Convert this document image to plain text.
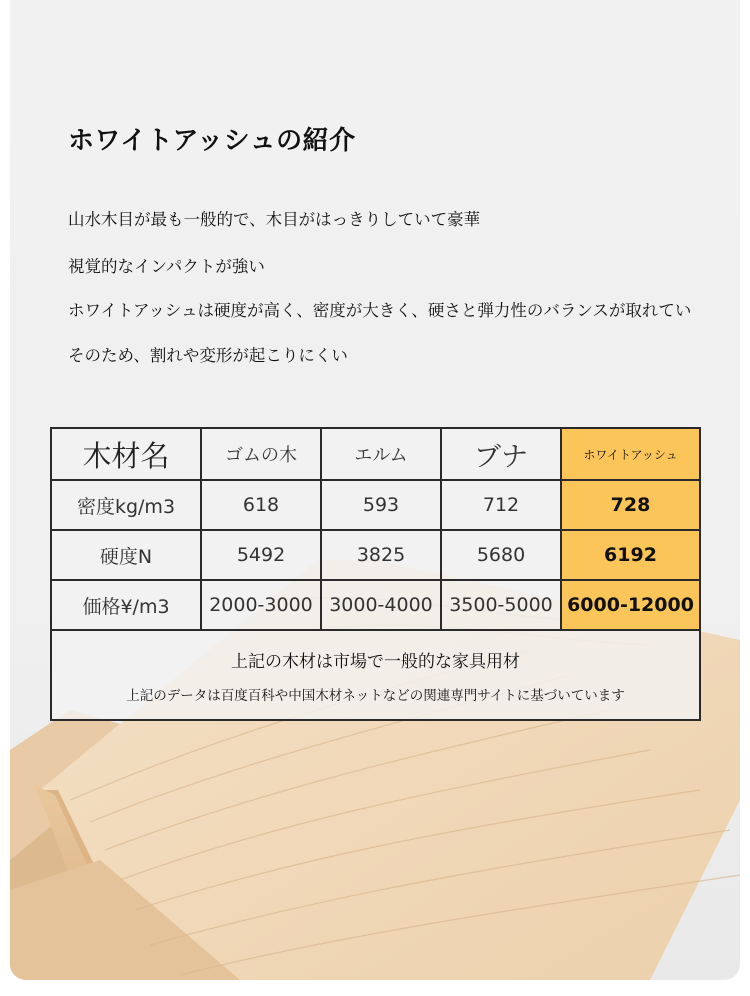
ホワイトアッシュの紹介
山水木目が最も一般的で、木目がはっきりしていて豪華
視覚的なインパクトが強い
ホワイトアッシュは硬度が高く、密度が大きく、硬さと弾力性のバランスが取れてい
そのため、割れや変形が起こりにくい
木材名	ゴムの木	エルム	ブナ	ホワイトアッシュ
密度kg/m3	618	593	712	728
硬度N	5492	3825	5680	6192
価格¥/m3	2000-3000	3000-4000	3500-5000	6000-12000

上記の木材は市場で一般的な家具用材
上記のデータは百度百科や中国木材ネットなどの関連専門サイトに基づいています				
